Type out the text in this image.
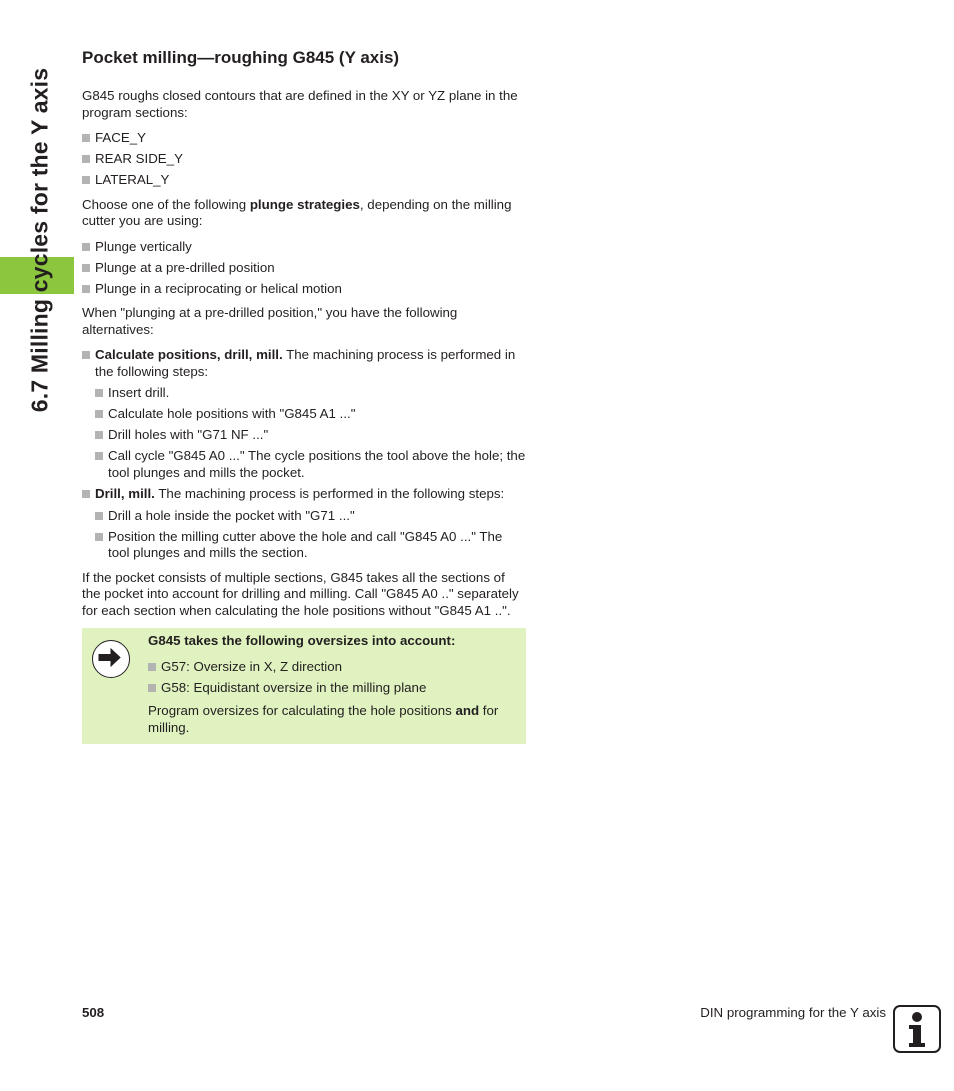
6.7 Milling cycles for the Y axis
Pocket milling—roughing G845 (Y axis)

G845 roughs closed contours that are defined in the XY or YZ plane in the program sections:

FACE_Y
REAR SIDE_Y
LATERAL_Y

Choose one of the following plunge strategies, depending on the milling cutter you are using:

Plunge vertically
Plunge at a pre-drilled position
Plunge in a reciprocating or helical motion

When "plunging at a pre-drilled position," you have the following alternatives:

Calculate positions, drill, mill. The machining process is performed in the following steps:
Insert drill.
Calculate hole positions with "G845 A1 ..."
Drill holes with "G71 NF ..."
Call cycle "G845 A0 ..." The cycle positions the tool above the hole; the tool plunges and mills the pocket.
Drill, mill. The machining process is performed in the following steps:
Drill a hole inside the pocket with "G71 ..."
Position the milling cutter above the hole and call "G845 A0 ..." The tool plunges and mills the section.

If the pocket consists of multiple sections, G845 takes all the sections of the pocket into account for drilling and milling. Call "G845 A0 .." separately for each section when calculating the hole positions without "G845 A1 ..".

G845 takes the following oversizes into account:

G57: Oversize in X, Z direction
G58: Equidistant oversize in the milling plane

Program oversizes for calculating the hole positions and for milling.

508	DIN programming for the Y axis
